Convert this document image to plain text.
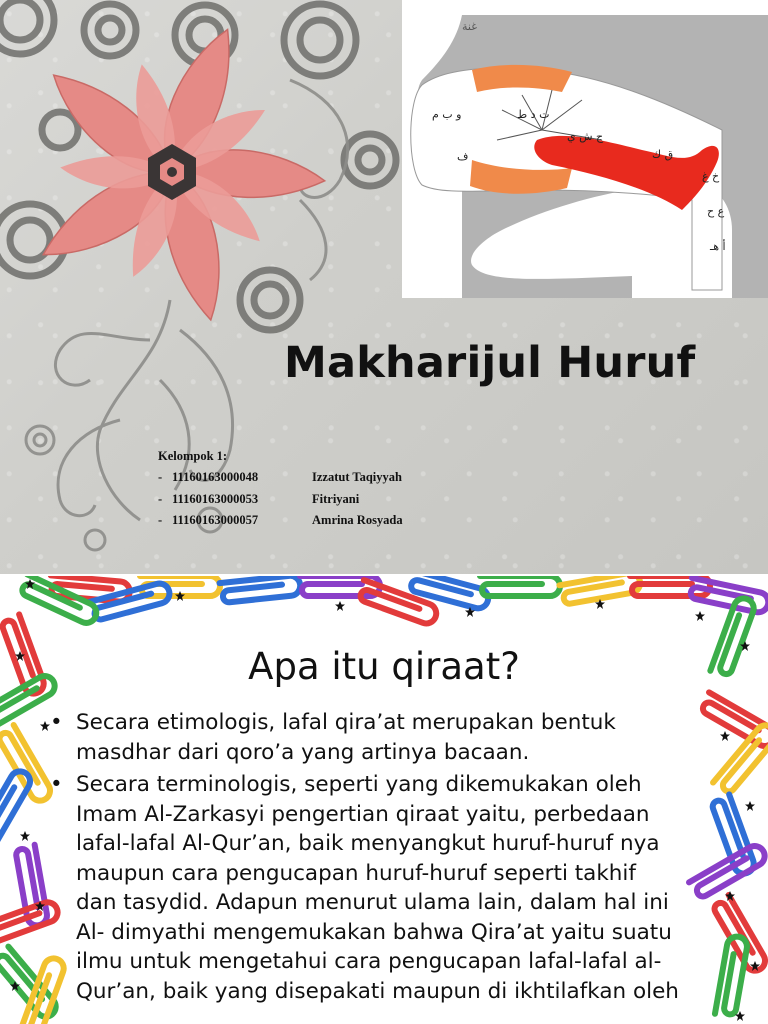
غنة
ت د ط
ق ك
خ غ
ع ح
أ هـ
ف
ج ش ي
و ب م
Makharijul Huruf
Kelompok 1:
- 11160163000048	Izzatut Taqiyyah
- 11160163000053	Fitriyani
- 11160163000057	Amrina Rosyada
Apa itu qiraat?
• Secara etimologis, lafal qira’at merupakan bentuk
masdhar dari qoro’a yang artinya bacaan.
• Secara terminologis, seperti yang dikemukakan oleh
Imam Al-Zarkasyi pengertian qiraat yaitu, perbedaan
lafal-lafal Al-Qur’an, baik menyangkut huruf-huruf nya
maupun cara pengucapan huruf-huruf seperti takhif
dan tasydid. Adapun menurut ulama lain, dalam hal ini
Al- dimyathi mengemukakan bahwa Qira’at yaitu suatu
ilmu untuk mengetahui cara pengucapan lafal-lafal al-
Qur’an, baik yang disepakati maupun di ikhtilafkan oleh
